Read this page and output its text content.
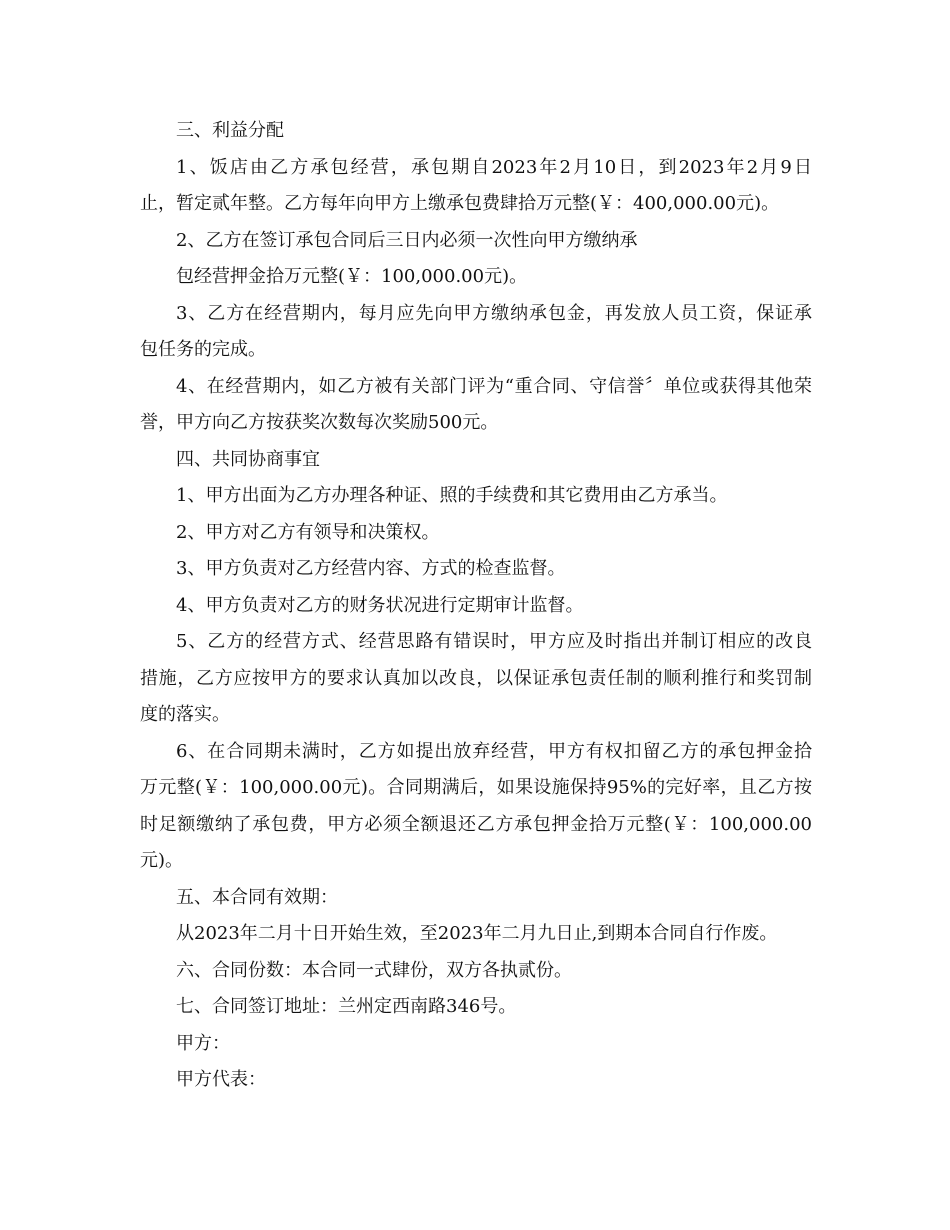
三、利益分配
1、饭店由乙方承包经营，承包期自2023年2月10日，到2023年2月9日
止，暂定贰年整。乙方每年向甲方上缴承包费肆拾万元整(￥：400,000.00元)。
2、乙方在签订承包合同后三日内必须一次性向甲方缴纳承
包经营押金拾万元整(￥：100,000.00元)。
3、乙方在经营期内，每月应先向甲方缴纳承包金，再发放人员工资，保证承
包任务的完成。
4、在经营期内，如乙方被有关部门评为“重合同、守信誉〞单位或获得其他荣
誉，甲方向乙方按获奖次数每次奖励500元。
四、共同协商事宜
1、甲方出面为乙方办理各种证、照的手续费和其它费用由乙方承当。
2、甲方对乙方有领导和决策权。
3、甲方负责对乙方经营内容、方式的检查监督。
4、甲方负责对乙方的财务状况进行定期审计监督。
5、乙方的经营方式、经营思路有错误时，甲方应及时指出并制订相应的改良
措施，乙方应按甲方的要求认真加以改良，以保证承包责任制的顺利推行和奖罚制
度的落实。
6、在合同期未满时，乙方如提出放弃经营，甲方有权扣留乙方的承包押金拾
万元整(￥：100,000.00元)。合同期满后，如果设施保持95%的完好率，且乙方按
时足额缴纳了承包费，甲方必须全额退还乙方承包押金拾万元整(￥：100,000.00
元)。
五、本合同有效期：
从2023年二月十日开始生效，至2023年二月九日止,到期本合同自行作废。
六、合同份数：本合同一式肆份，双方各执贰份。
七、合同签订地址：兰州定西南路346号。
甲方：
甲方代表：
